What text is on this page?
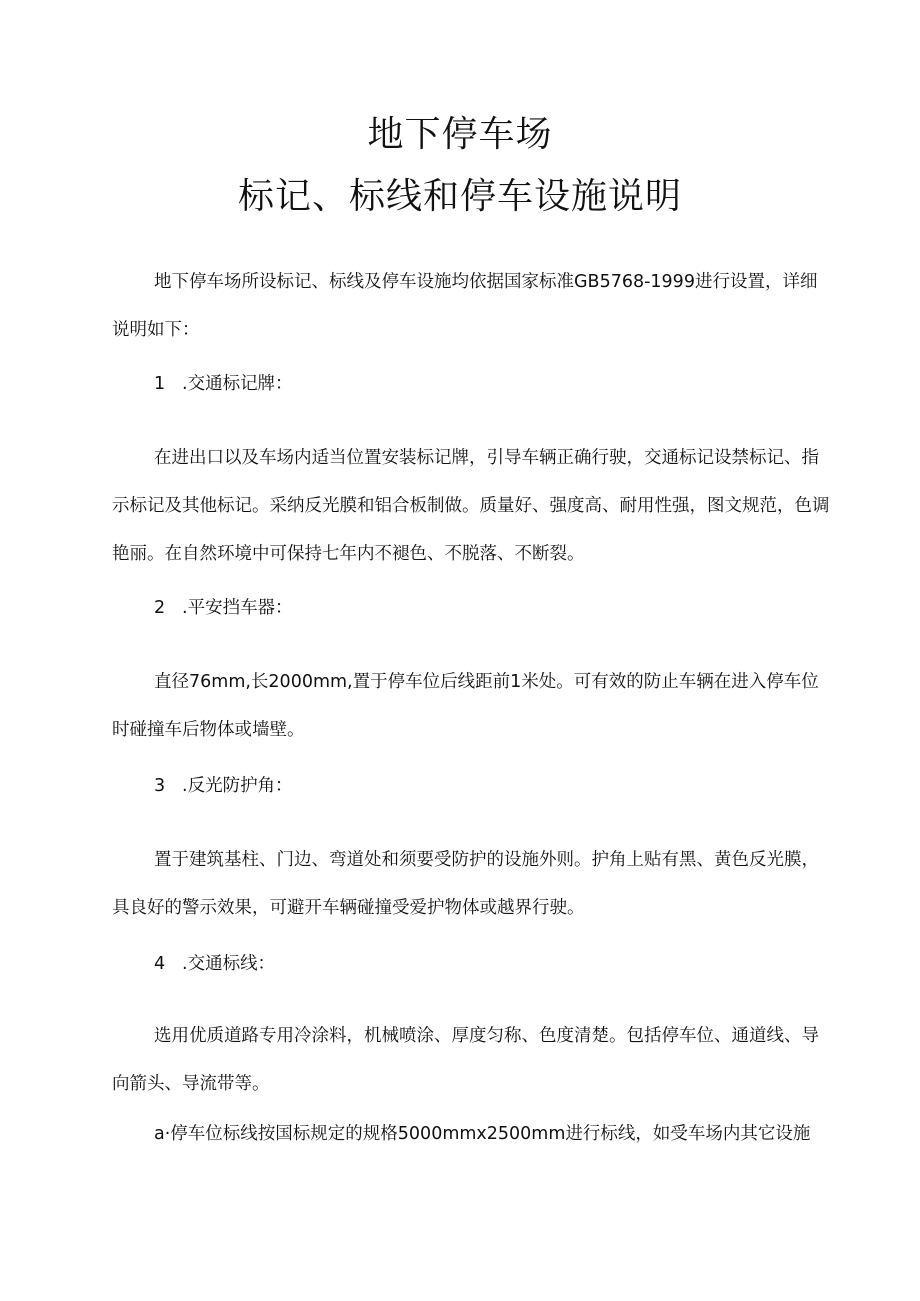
地下停车场
标记、标线和停车设施说明

地下停车场所设标记、标线及停车设施均依据国家标准GB5768-1999进行设置，详细说明如下：

1 .交通标记牌：

在进出口以及车场内适当位置安装标记牌，引导车辆正确行驶，交通标记设禁标记、指示标记及其他标记。采纳反光膜和铝合板制做。质量好、强度高、耐用性强，图文规范，色调艳丽。在自然环境中可保持七年内不褪色、不脱落、不断裂。

2 .平安挡车器：

直径76mm,长2000mm,置于停车位后线距前1米处。可有效的防止车辆在进入停车位时碰撞车后物体或墙壁。

3 .反光防护角：

置于建筑基柱、门边、弯道处和须要受防护的设施外则。护角上贴有黑、黄色反光膜，具良好的警示效果，可避开车辆碰撞受爱护物体或越界行驶。

4 .交通标线：

选用优质道路专用冷涂料，机械喷涂、厚度匀称、色度清楚。包括停车位、通道线、导向箭头、导流带等。

a·停车位标线按国标规定的规格5000mmx2500mm进行标线，如受车场内其它设施
